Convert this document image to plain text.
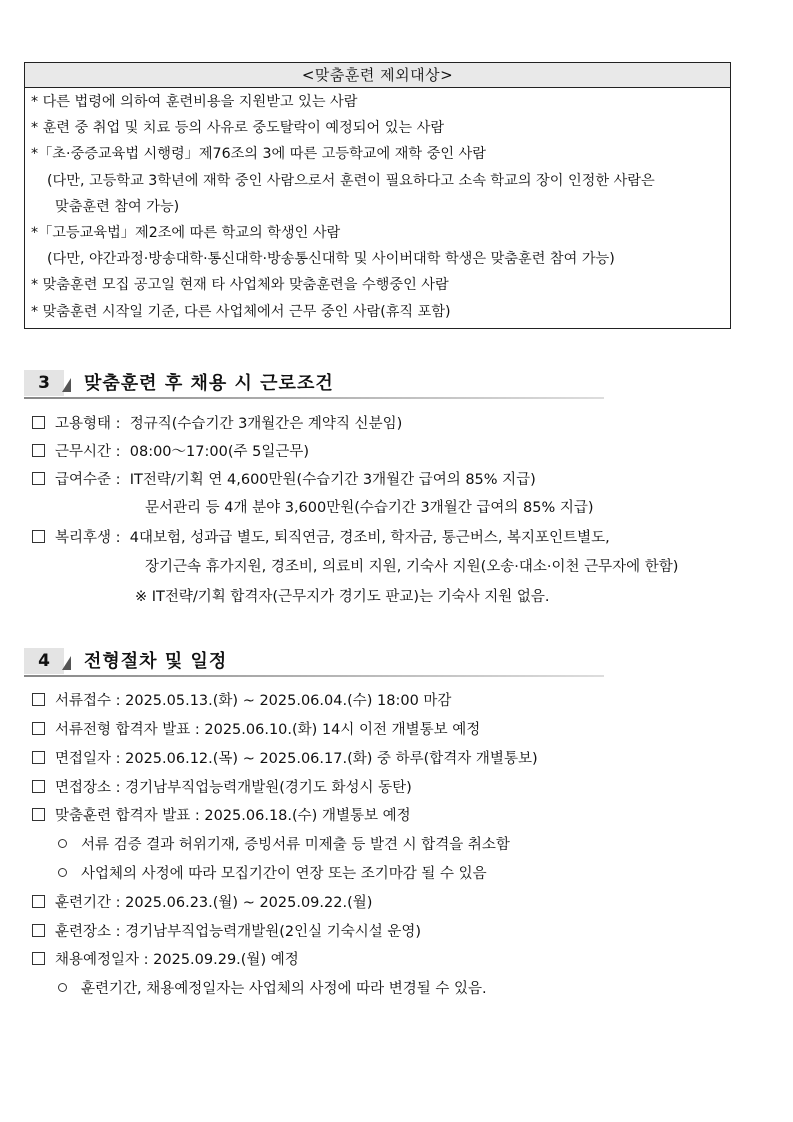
<맞춤훈련 제외대상>
* 다른 법령에 의하여 훈련비용을 지원받고 있는 사람
* 훈련 중 취업 및 치료 등의 사유로 중도탈락이 예정되어 있는 사람
*「초·중증교육법 시행령」제76조의 3에 따른 고등학교에 재학 중인 사람
(다만, 고등학교 3학년에 재학 중인 사람으로서 훈련이 필요하다고 소속 학교의 장이 인정한 사람은
맞춤훈련 참여 가능)
*「고등교육법」제2조에 따른 학교의 학생인 사람
(다만, 야간과정·방송대학·통신대학·방송통신대학 및 사이버대학 학생은 맞춤훈련 참여 가능)
* 맞춤훈련 모집 공고일 현재 타 사업체와 맞춤훈련을 수행중인 사람
* 맞춤훈련 시작일 기준, 다른 사업체에서 근무 중인 사람(휴직 포함)
3	맞춤훈련 후 채용 시 근로조건
고용형태 : 정규직(수습기간 3개월간은 계약직 신분임)
근무시간 : 08:00～17:00(주 5일근무)
급여수준 : IT전략/기획 연 4,600만원(수습기간 3개월간 급여의 85% 지급)
문서관리 등 4개 분야 3,600만원(수습기간 3개월간 급여의 85% 지급)
복리후생 : 4대보험, 성과급 별도, 퇴직연금, 경조비, 학자금, 통근버스, 복지포인트별도,
장기근속 휴가지원, 경조비, 의료비 지원, 기숙사 지원(오송·대소·이천 근무자에 한함)
※ IT전략/기획 합격자(근무지가 경기도 판교)는 기숙사 지원 없음.
4	전형절차 및 일정
서류접수 : 2025.05.13.(화) ~ 2025.06.04.(수) 18:00 마감
서류전형 합격자 발표 : 2025.06.10.(화) 14시 이전 개별통보 예정
면접일자 : 2025.06.12.(목) ~ 2025.06.17.(화) 중 하루(합격자 개별통보)
면접장소 : 경기남부직업능력개발원(경기도 화성시 동탄)
맞춤훈련 합격자 발표 : 2025.06.18.(수) 개별통보 예정
서류 검증 결과 허위기재, 증빙서류 미제출 등 발견 시 합격을 취소함
사업체의 사정에 따라 모집기간이 연장 또는 조기마감 될 수 있음
훈련기간 : 2025.06.23.(월) ~ 2025.09.22.(월)
훈련장소 : 경기남부직업능력개발원(2인실 기숙시설 운영)
채용예정일자 : 2025.09.29.(월) 예정
훈련기간, 채용예정일자는 사업체의 사정에 따라 변경될 수 있음.
